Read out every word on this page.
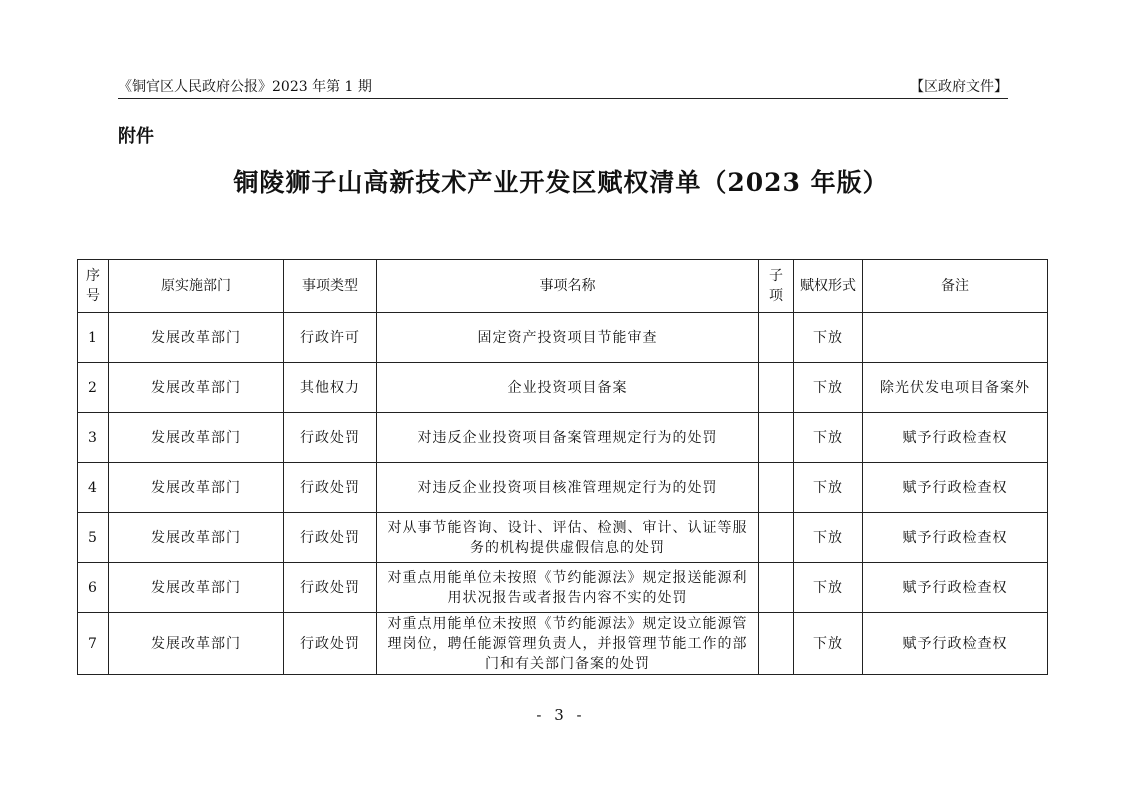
《铜官区人民政府公报》2023 年第 1 期	【区政府文件】
附件
铜陵狮子山高新技术产业开发区赋权清单（2023 年版）
序号	原实施部门	事项类型	事项名称	子项	赋权形式	备注
1	发展改革部门	行政许可	固定资产投资项目节能审查		下放	
2	发展改革部门	其他权力	企业投资项目备案		下放	除光伏发电项目备案外
3	发展改革部门	行政处罚	对违反企业投资项目备案管理规定行为的处罚		下放	赋予行政检查权
4	发展改革部门	行政处罚	对违反企业投资项目核准管理规定行为的处罚		下放	赋予行政检查权
5	发展改革部门	行政处罚	对从事节能咨询、设计、评估、检测、审计、认证等服务的机构提供虚假信息的处罚		下放	赋予行政检查权
6	发展改革部门	行政处罚	对重点用能单位未按照《节约能源法》规定报送能源利用状况报告或者报告内容不实的处罚		下放	赋予行政检查权
7	发展改革部门	行政处罚	对重点用能单位未按照《节约能源法》规定设立能源管理岗位，聘任能源管理负责人，并报管理节能工作的部门和有关部门备案的处罚		下放	赋予行政检查权
- 3 -
